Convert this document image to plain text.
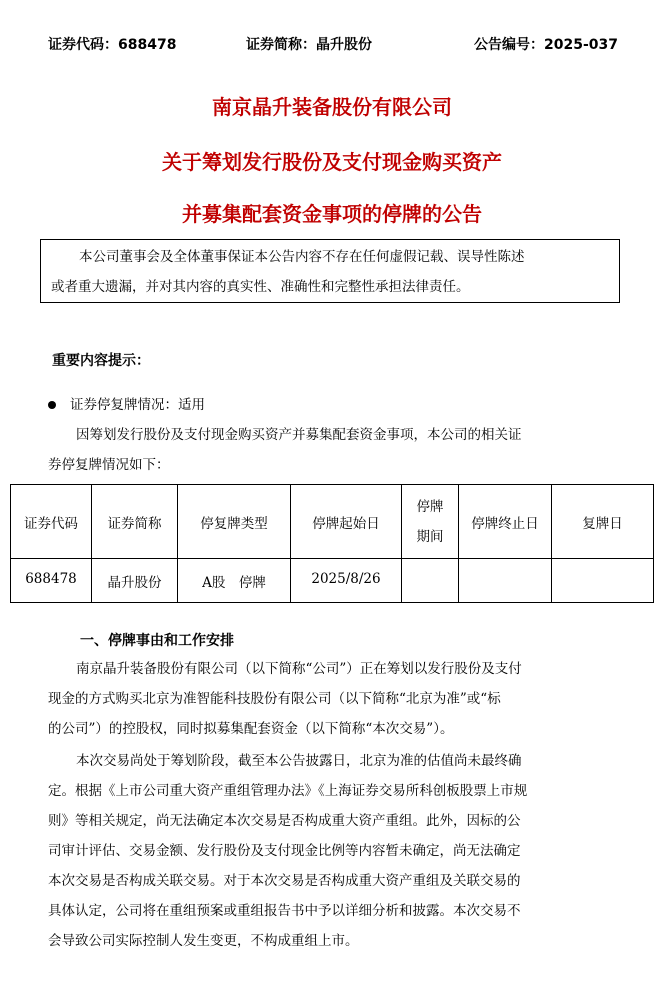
证券代码：688478	证券简称：晶升股份	公告编号：2025-037
南京晶升装备股份有限公司
关于筹划发行股份及支付现金购买资产
并募集配套资金事项的停牌的公告

本公司董事会及全体董事保证本公告内容不存在任何虚假记载、误导性陈述

或者重大遗漏，并对其内容的真实性、准确性和完整性承担法律责任。

重要内容提示：
证券停复牌情况：适用

因筹划发行股份及支付现金购买资产并募集配套资金事项，本公司的相关证

券停复牌情况如下：

证券代码	证券简称	停复牌类型	停牌起始日	停牌
期间	停牌终止日	复牌日
688478	晶升股份	A股　停牌	2025/8/26			
一、停牌事由和工作安排

南京晶升装备股份有限公司（以下简称“公司”）正在筹划以发行股份及支付

现金的方式购买北京为准智能科技股份有限公司（以下简称“北京为准”或“标

的公司”）的控股权，同时拟募集配套资金（以下简称“本次交易”）。

本次交易尚处于筹划阶段，截至本公告披露日，北京为准的估值尚未最终确

定。根据《上市公司重大资产重组管理办法》《上海证券交易所科创板股票上市规

则》等相关规定，尚无法确定本次交易是否构成重大资产重组。此外，因标的公

司审计评估、交易金额、发行股份及支付现金比例等内容暂未确定，尚无法确定

本次交易是否构成关联交易。对于本次交易是否构成重大资产重组及关联交易的

具体认定，公司将在重组预案或重组报告书中予以详细分析和披露。本次交易不

会导致公司实际控制人发生变更，不构成重组上市。
